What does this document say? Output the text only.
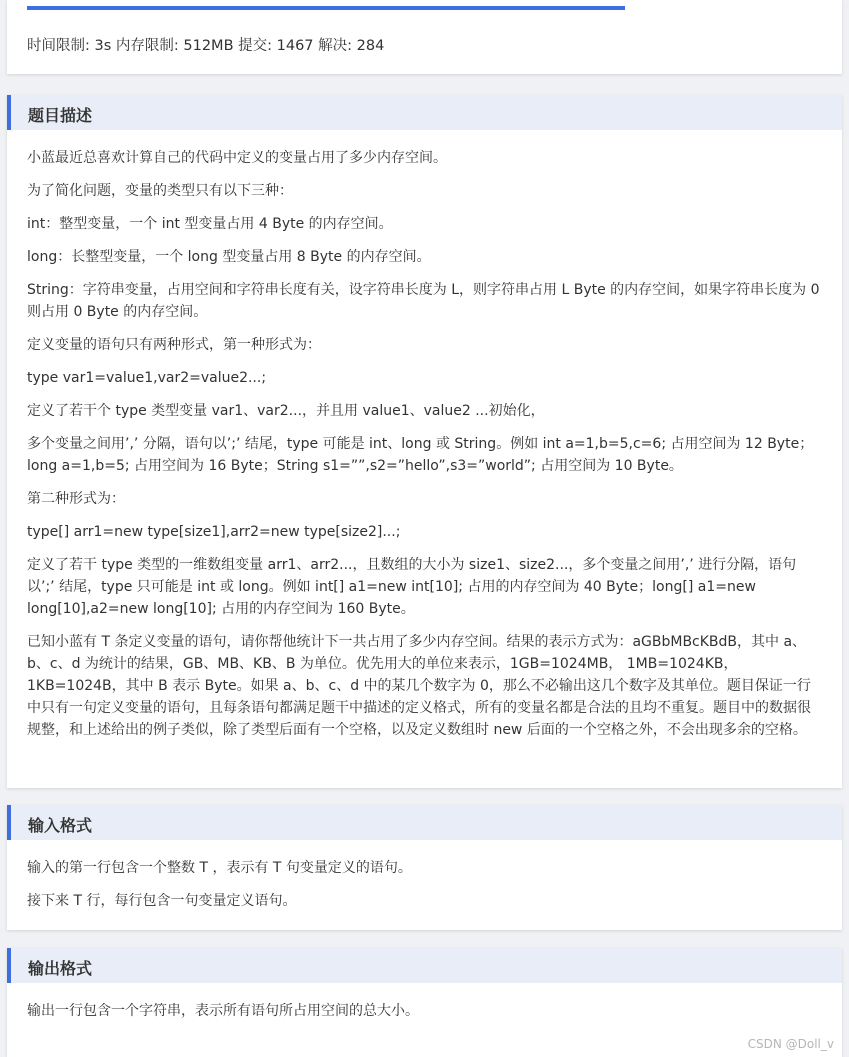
时间限制: 3s 内存限制: 512MB 提交: 1467 解决: 284
题目描述

小蓝最近总喜欢计算自己的代码中定义的变量占用了多少内存空间。

为了简化问题，变量的类型只有以下三种：

int：整型变量，一个 int 型变量占用 4 Byte 的内存空间。

long：长整型变量，一个 long 型变量占用 8 Byte 的内存空间。

String：字符串变量，占用空间和字符串长度有关，设字符串长度为 L，则字符串占用 L Byte 的内存空间，如果字符串长度为 0 则占用 0 Byte 的内存空间。

定义变量的语句只有两种形式，第一种形式为：

type var1=value1,var2=value2...;

定义了若干个 type 类型变量 var1、var2...，并且用 value1、value2 ...初始化，

多个变量之间用’,’ 分隔，语句以’;’ 结尾，type 可能是 int、long 或 String。例如 int a=1,b=5,c=6; 占用空间为 12 Byte；long a=1,b=5; 占用空间为 16 Byte；String s1=””,s2=”hello”,s3=”world”; 占用空间为 10 Byte。

第二种形式为：

type[] arr1=new type[size1],arr2=new type[size2]...;

定义了若干 type 类型的一维数组变量 arr1、arr2...，且数组的大小为 size1、size2...，多个变量之间用’,’ 进行分隔，语句以’;’ 结尾，type 只可能是 int 或 long。例如 int[] a1=new int[10]; 占用的内存空间为 40 Byte；long[] a1=new long[10],a2=new long[10]; 占用的内存空间为 160 Byte。

已知小蓝有 T 条定义变量的语句，请你帮他统计下一共占用了多少内存空间。结果的表示方式为：aGBbMBcKBdB，其中 a、b、c、d 为统计的结果，GB、MB、KB、B 为单位。优先用大的单位来表示，1GB=1024MB， 1MB=1024KB，1KB=1024B，其中 B 表示 Byte。如果 a、b、c、d 中的某几个数字为 0，那么不必输出这几个数字及其单位。题目保证一行中只有一句定义变量的语句，且每条语句都满足题干中描述的定义格式，所有的变量名都是合法的且均不重复。题目中的数据很规整，和上述给出的例子类似，除了类型后面有一个空格，以及定义数组时 new 后面的一个空格之外，不会出现多余的空格。

输入格式

输入的第一行包含一个整数 T ，表示有 T 句变量定义的语句。

接下来 T 行，每行包含一句变量定义语句。

输出格式

输出一行包含一个字符串，表示所有语句所占用空间的总大小。

CSDN @Doll_v
